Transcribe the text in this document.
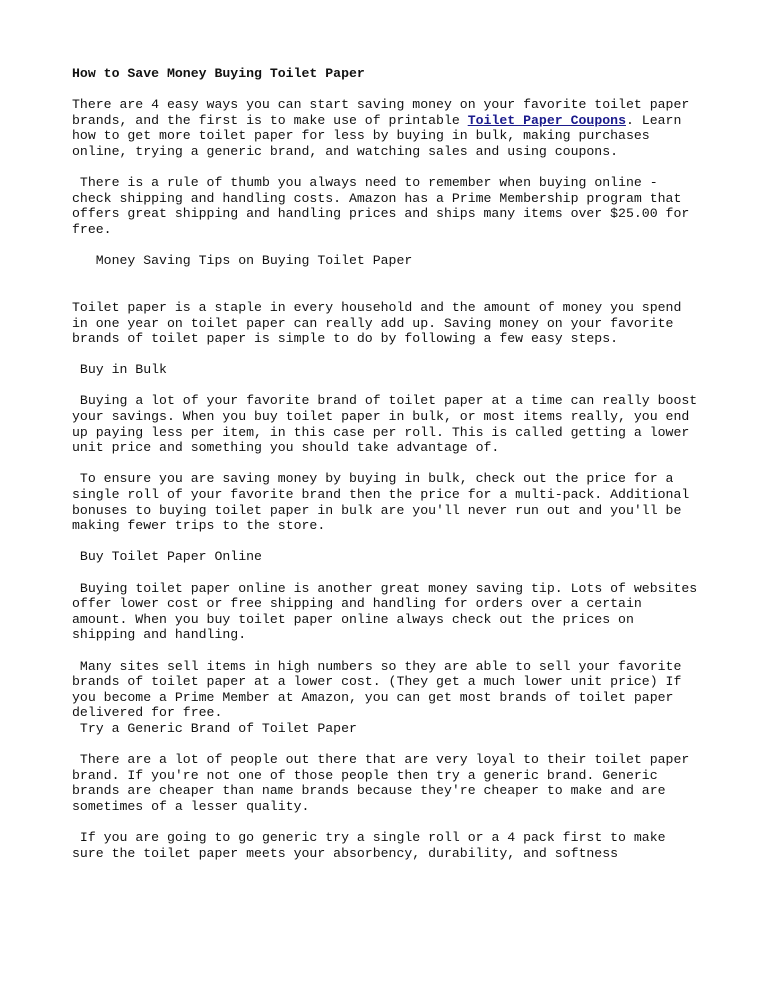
How to Save Money Buying Toilet Paper

There are 4 easy ways you can start saving money on your favorite toilet paper brands, and the first is to make use of printable Toilet Paper Coupons. Learn how to get more toilet paper for less by buying in bulk, making purchases online, trying a generic brand, and watching sales and using coupons.

There is a rule of thumb you always need to remember when buying online - check shipping and handling costs. Amazon has a Prime Membership program that offers great shipping and handling prices and ships many items over $25.00 for free.

Money Saving Tips on Buying Toilet Paper

Toilet paper is a staple in every household and the amount of money you spend in one year on toilet paper can really add up. Saving money on your favorite brands of toilet paper is simple to do by following a few easy steps.

Buy in Bulk

Buying a lot of your favorite brand of toilet paper at a time can really boost your savings. When you buy toilet paper in bulk, or most items really, you end up paying less per item, in this case per roll. This is called getting a lower unit price and something you should take advantage of.

To ensure you are saving money by buying in bulk, check out the price for a single roll of your favorite brand then the price for a multi-pack. Additional bonuses to buying toilet paper in bulk are you'll never run out and you'll be making fewer trips to the store.

Buy Toilet Paper Online

Buying toilet paper online is another great money saving tip. Lots of websites offer lower cost or free shipping and handling for orders over a certain amount. When you buy toilet paper online always check out the prices on shipping and handling.

Many sites sell items in high numbers so they are able to sell your favorite brands of toilet paper at a lower cost. (They get a much lower unit price) If you become a Prime Member at Amazon, you can get most brands of toilet paper delivered for free.

Try a Generic Brand of Toilet Paper

There are a lot of people out there that are very loyal to their toilet paper brand. If you're not one of those people then try a generic brand. Generic brands are cheaper than name brands because they're cheaper to make and are sometimes of a lesser quality.

If you are going to go generic try a single roll or a 4 pack first to make sure the toilet paper meets your absorbency, durability, and softness
